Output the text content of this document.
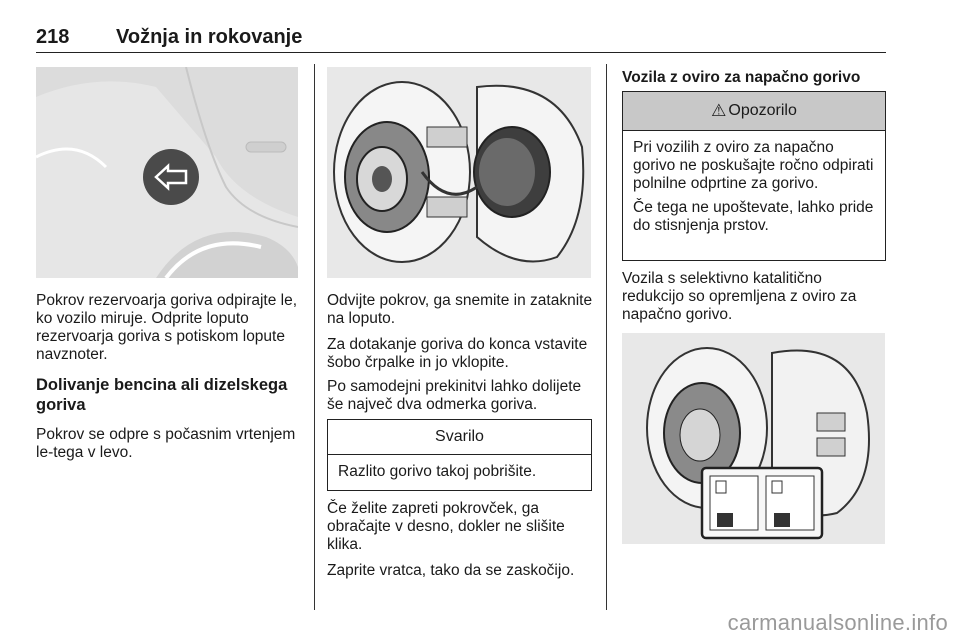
218 Vožnja in rokovanje

Pokrov rezervoarja goriva odpirajte le, ko vozilo miruje. Odprite loputo rezervoarja goriva s potiskom lopute navznoter.

Dolivanje bencina ali dizelskega goriva

Pokrov se odpre s počasnim vrtenjem le-tega v levo.

Odvijte pokrov, ga snemite in zataknite na loputo.

Za dotakanje goriva do konca vstavite šobo črpalke in jo vklopite.

Po samodejni prekinitvi lahko dolijete še največ dva odmerka goriva.

Svarilo
Razlito gorivo takoj pobrišite.

Če želite zapreti pokrovček, ga obračajte v desno, dokler ne slišite klika.

Zaprite vratca, tako da se zaskočijo.

Vozila z oviro za napačno gorivo

⚠ Opozorilo

Pri vozilih z oviro za napačno gorivo ne poskušajte ročno odpirati polnilne odprtine za gorivo.

Če tega ne upoštevate, lahko pride do stisnjenja prstov.

Vozila s selektivno katalitično redukcijo so opremljena z oviro za napačno gorivo.

carmanualsonline.info
